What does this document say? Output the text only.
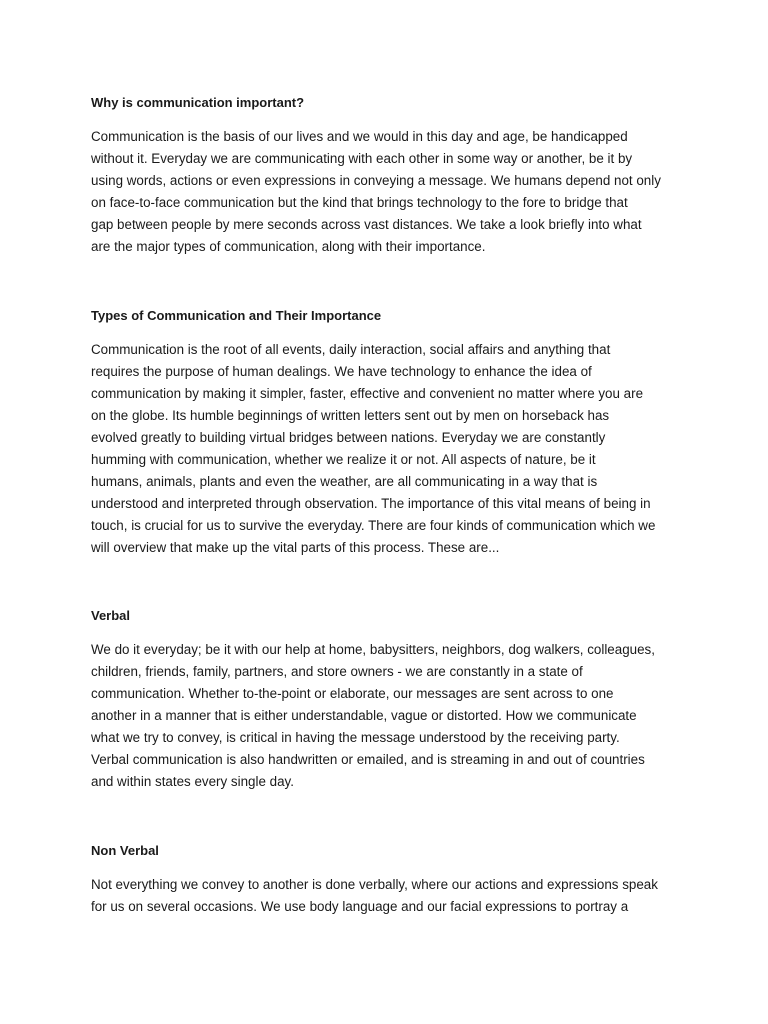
Why is communication important?

Communication is the basis of our lives and we would in this day and age, be handicapped
without it. Everyday we are communicating with each other in some way or another, be it by
using words, actions or even expressions in conveying a message. We humans depend not only
on face-to-face communication but the kind that brings technology to the fore to bridge that
gap between people by mere seconds across vast distances. We take a look briefly into what
are the major types of communication, along with their importance.

Types of Communication and Their Importance

Communication is the root of all events, daily interaction, social affairs and anything that
requires the purpose of human dealings. We have technology to enhance the idea of
communication by making it simpler, faster, effective and convenient no matter where you are
on the globe. Its humble beginnings of written letters sent out by men on horseback has
evolved greatly to building virtual bridges between nations. Everyday we are constantly
humming with communication, whether we realize it or not. All aspects of nature, be it
humans, animals, plants and even the weather, are all communicating in a way that is
understood and interpreted through observation. The importance of this vital means of being in
touch, is crucial for us to survive the everyday. There are four kinds of communication which we
will overview that make up the vital parts of this process. These are...

Verbal

We do it everyday; be it with our help at home, babysitters, neighbors, dog walkers, colleagues,
children, friends, family, partners, and store owners - we are constantly in a state of
communication. Whether to-the-point or elaborate, our messages are sent across to one
another in a manner that is either understandable, vague or distorted. How we communicate
what we try to convey, is critical in having the message understood by the receiving party.
Verbal communication is also handwritten or emailed, and is streaming in and out of countries
and within states every single day.

Non Verbal

Not everything we convey to another is done verbally, where our actions and expressions speak
for us on several occasions. We use body language and our facial expressions to portray a
